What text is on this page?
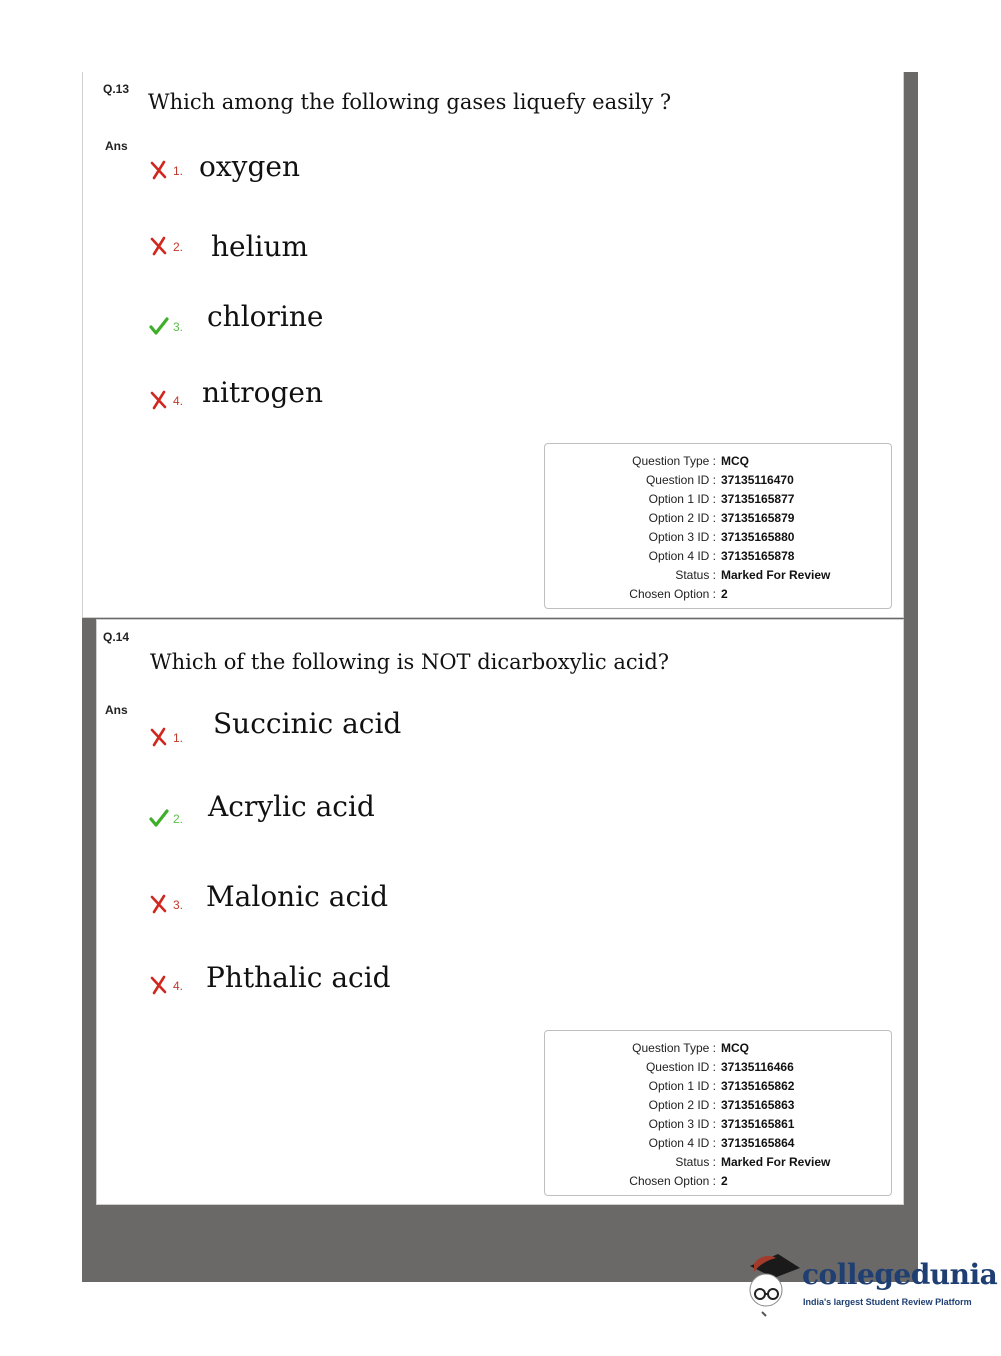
Q.13
Which among the following gases liquefy easily ?
Ans
1. oxygen
2. helium
3. chlorine
4. nitrogen
Question Type : MCQ
Question ID : 37135116470
Option 1 ID : 37135165877
Option 2 ID : 37135165879
Option 3 ID : 37135165880
Option 4 ID : 37135165878
Status : Marked For Review
Chosen Option : 2
Q.14
Which of the following is NOT dicarboxylic acid?
Ans
1. Succinic acid
2. Acrylic acid
3. Malonic acid
4. Phthalic acid
Question Type : MCQ
Question ID : 37135116466
Option 1 ID : 37135165862
Option 2 ID : 37135165863
Option 3 ID : 37135165861
Option 4 ID : 37135165864
Status : Marked For Review
Chosen Option : 2
collegedunia
India's largest Student Review Platform
